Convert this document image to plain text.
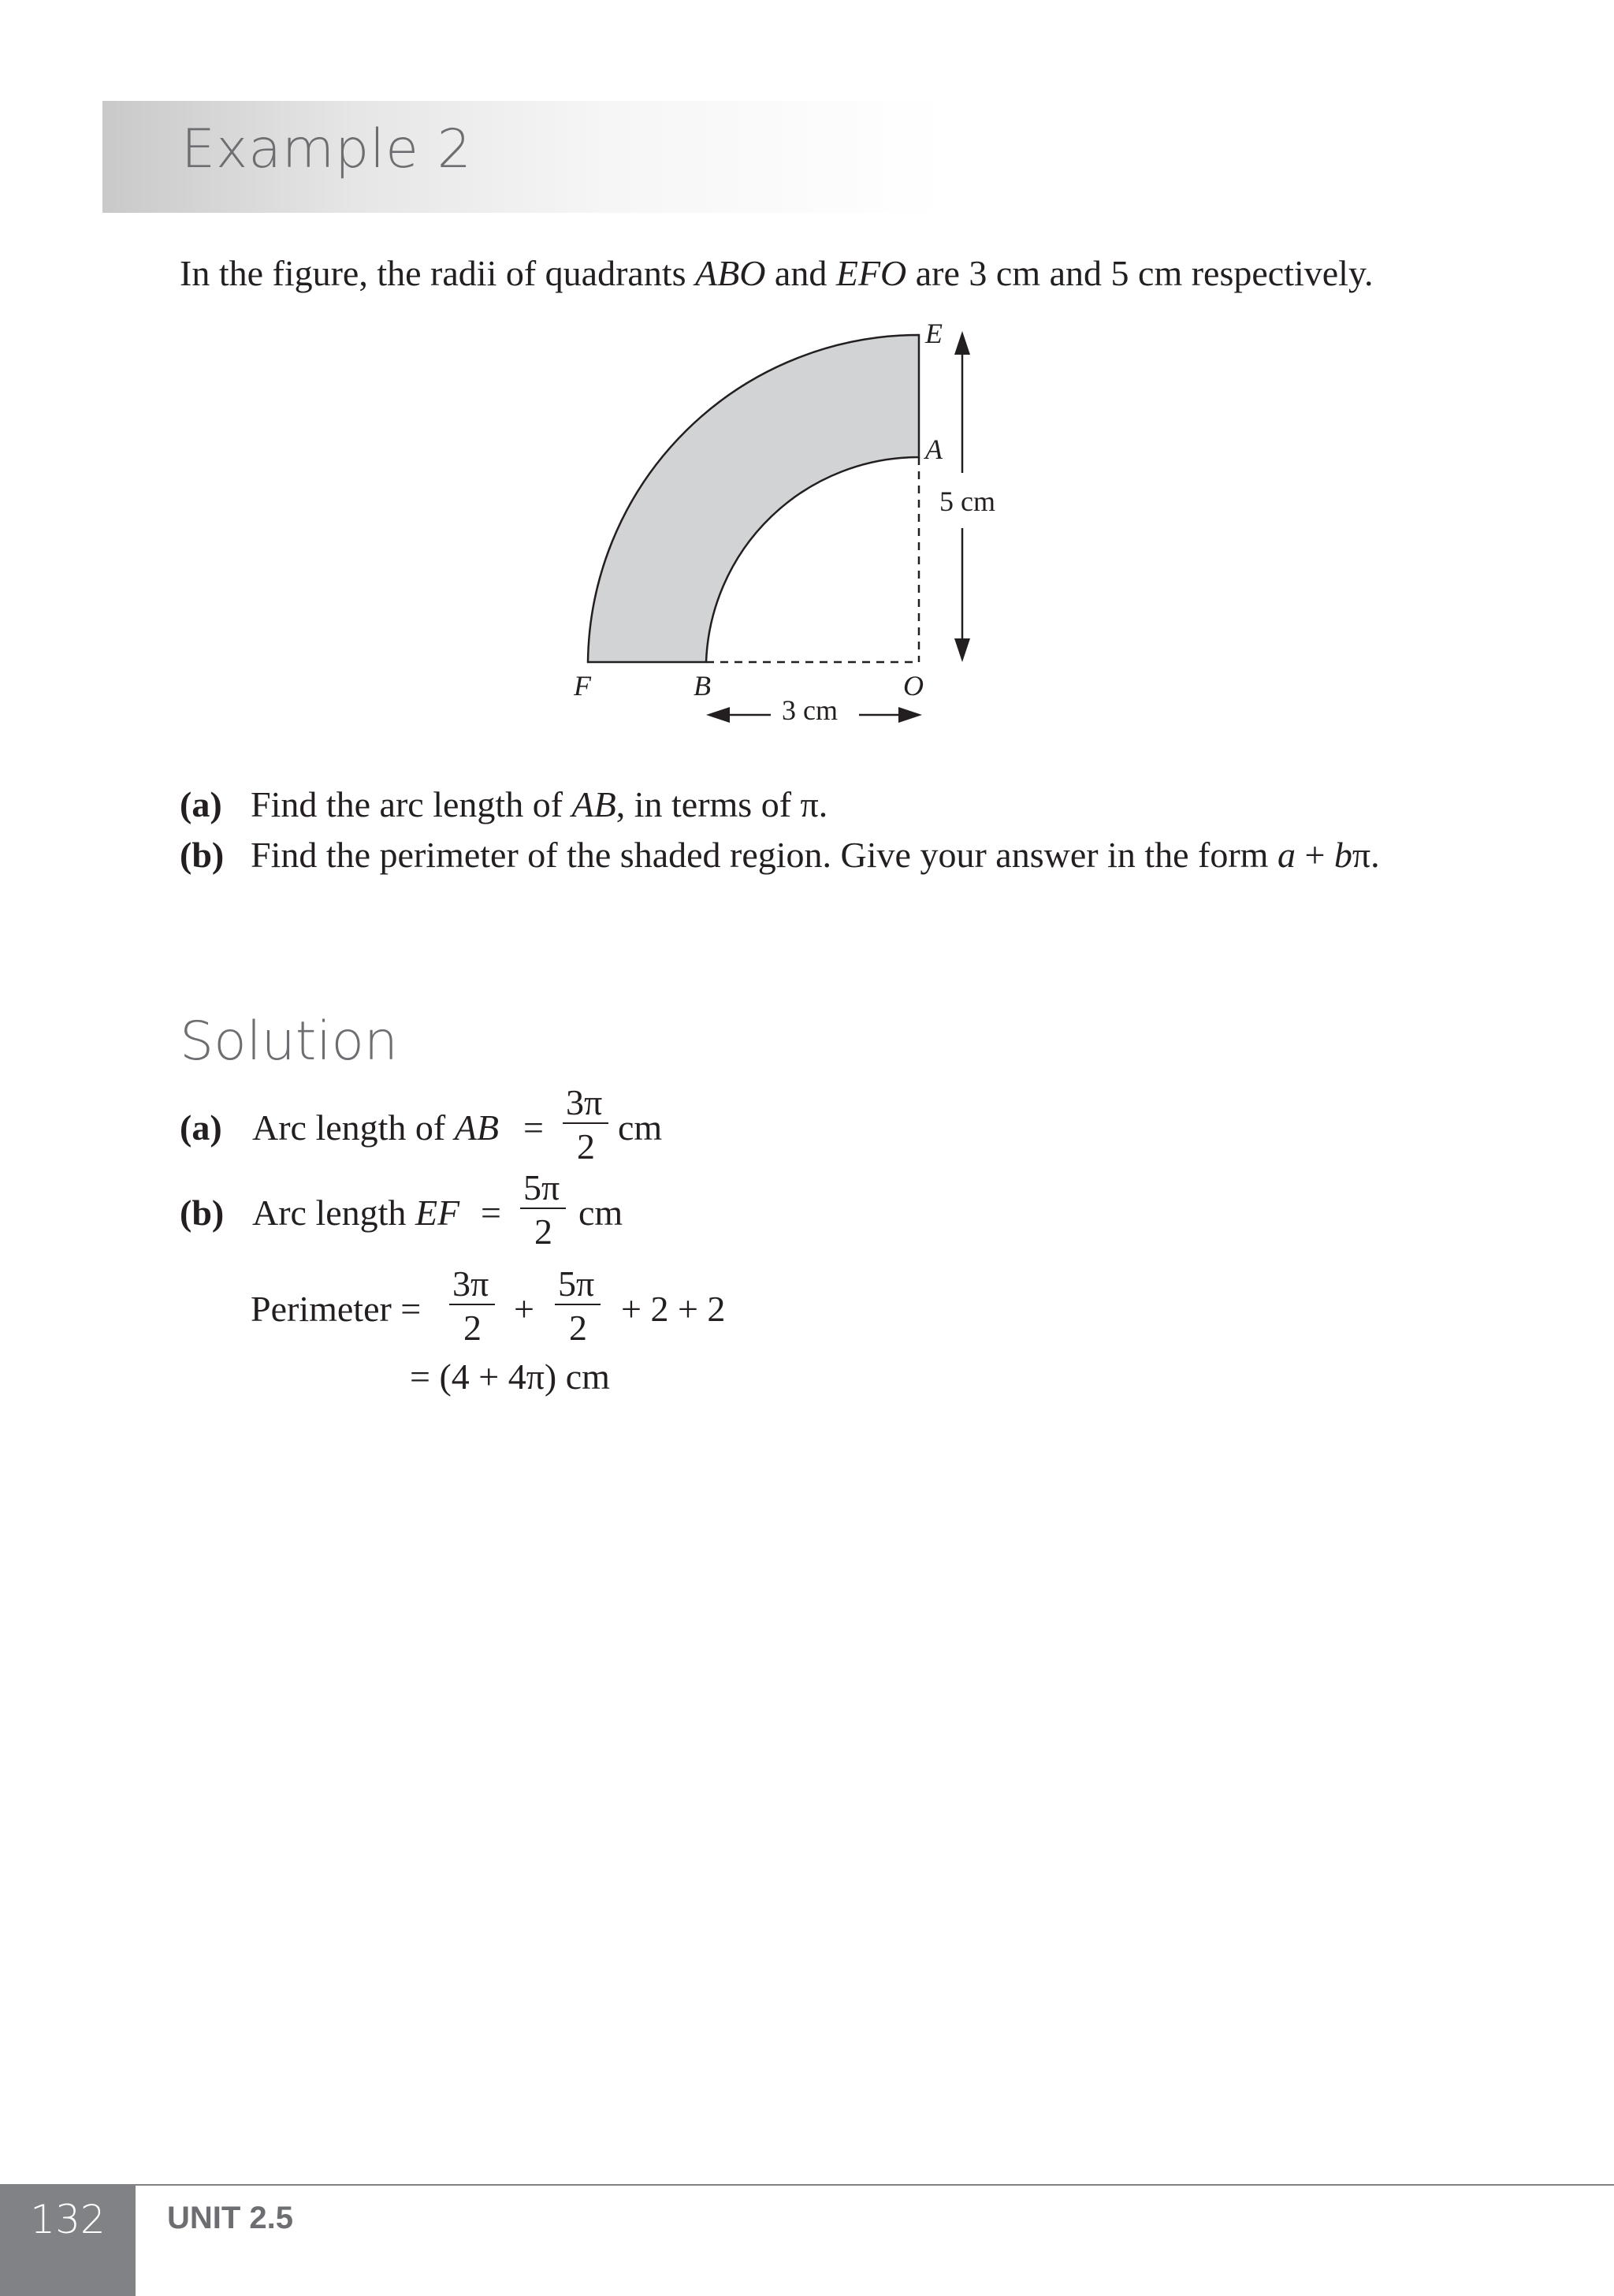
Example 2
In the figure, the radii of quadrants ABO and EFO are 3 cm and 5 cm respectively.
5 cm
3 cm
E
A
F	B	O
(a) Find the arc length of AB, in terms of π.
(b) Find the perimeter of the shaded region. Give your answer in the form a + bπ.
Solution
(a) Arc length of AB =
3π
2 cm
(b) Arc length EF =
5π
2 cm
Perimeter =
3π
2 +
5π
2 + 2 + 2
= (4 + 4π) cm
132	UNIT 2.5
